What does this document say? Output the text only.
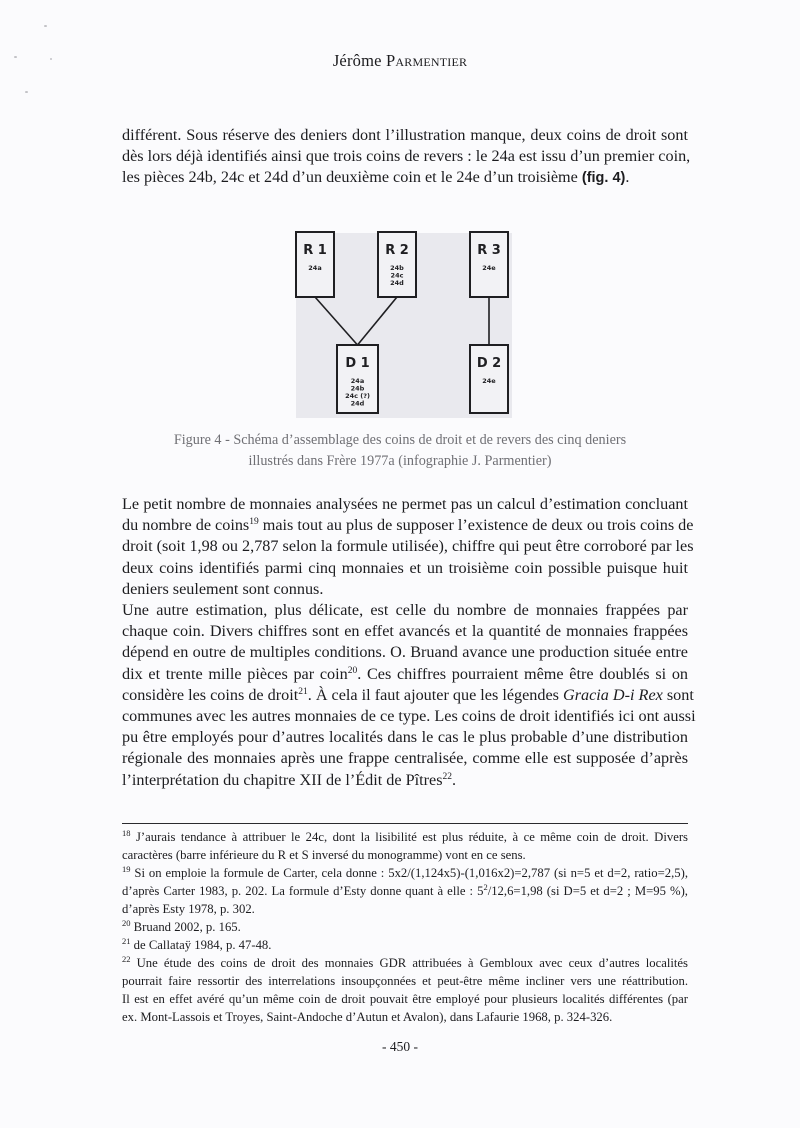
Jérôme Parmentier

différent. Sous réserve des deniers dont l’illustration manque, deux coins de droit sont
dès lors déjà identifiés ainsi que trois coins de revers : le 24a est issu d’un premier coin,
les pièces 24b, 24c et 24d d’un deuxième coin et le 24e d’un troisième (fig. 4).

R 1
24a
R 2
24b
24c
24d
R 3
24e
D 1
24a
24b
24c (?)
24d
D 2
24e
Figure 4 - Schéma d’assemblage des coins de droit et de revers des cinq deniers
illustrés dans Frère 1977a (infographie J. Parmentier)

Le petit nombre de monnaies analysées ne permet pas un calcul d’estimation concluant
du nombre de coins$^{19}$ mais tout au plus de supposer l’existence de deux ou trois coins de
droit (soit 1,98 ou 2,787 selon la formule utilisée), chiffre qui peut être corroboré par les
deux coins identifiés parmi cinq monnaies et un troisième coin possible puisque huit
deniers seulement sont connus.

Une autre estimation, plus délicate, est celle du nombre de monnaies frappées par
chaque coin. Divers chiffres sont en effet avancés et la quantité de monnaies frappées
dépend en outre de multiples conditions. O. Bruand avance une production située entre
dix et trente mille pièces par coin$^{20}$. Ces chiffres pourraient même être doublés si on
considère les coins de droit$^{21}$. À cela il faut ajouter que les légendes Gracia D-i Rex sont
communes avec les autres monnaies de ce type. Les coins de droit identifiés ici ont aussi
pu être employés pour d’autres localités dans le cas le plus probable d’une distribution
régionale des monnaies après une frappe centralisée, comme elle est supposée d’après
l’interprétation du chapitre XII de l’Édit de Pîtres$^{22}$.

$^{18}$ J’aurais tendance à attribuer le 24c, dont la lisibilité est plus réduite, à ce même coin de droit. Divers
caractères (barre inférieure du R et S inversé du monogramme) vont en ce sens.
$^{19}$ Si on emploie la formule de Carter, cela donne : 5x2/(1,124x5)-(1,016x2)=2,787 (si n=5 et d=2, ratio=2,5),
d’après Carter 1983, p. 202. La formule d’Esty donne quant à elle : $5^2/12,6=1,98$ (si D=5 et d=2 ; M=95 %),
d’après Esty 1978, p. 302.
$^{20}$ Bruand 2002, p. 165.
$^{21}$ de Callataÿ 1984, p. 47-48.
$^{22}$ Une étude des coins de droit des monnaies GDR attribuées à Gembloux avec ceux d’autres localités
pourrait faire ressortir des interrelations insoupçonnées et peut-être même incliner vers une réattribution.
Il est en effet avéré qu’un même coin de droit pouvait être employé pour plusieurs localités différentes (par
ex. Mont-Lassois et Troyes, Saint-Andoche d’Autun et Avalon), dans Lafaurie 1968, p. 324-326.
- 450 -
